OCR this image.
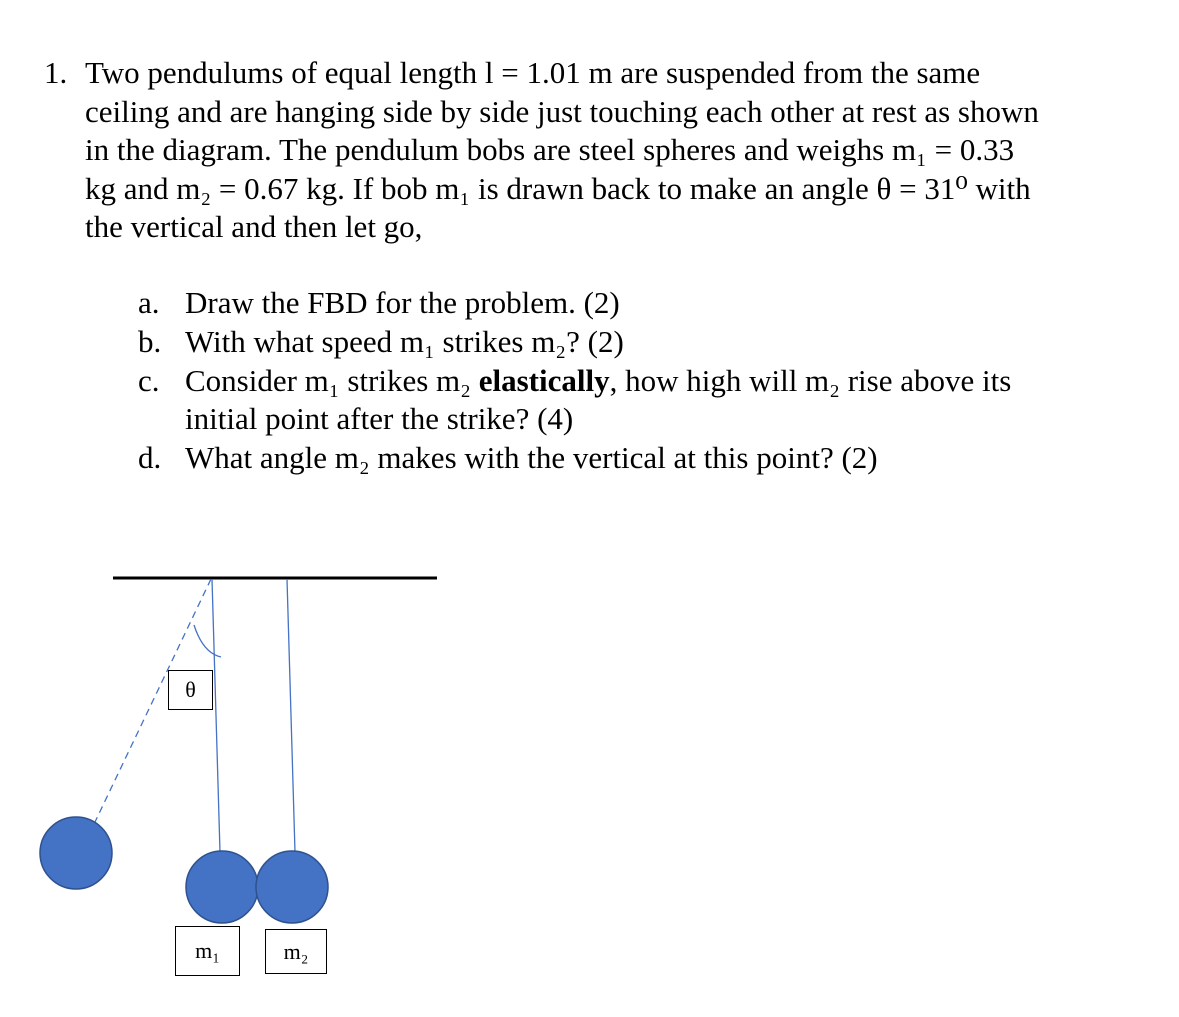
1. Two pendulums of equal length l = 1.01 m are suspended from the same
ceiling and are hanging side by side just touching each other at rest as shown
in the diagram. The pendulum bobs are steel spheres and weighs m₁ = 0.33
kg and m₂ = 0.67 kg. If bob m₁ is drawn back to make an angle θ = 31⁰ with
the vertical and then let go,
a. Draw the FBD for the problem. (2)
b. With what speed m₁ strikes m₂? (2)
c. Consider m₁ strikes m₂ elastically, how high will m₂ rise above its
initial point after the strike? (4)
d. What angle m₂ makes with the vertical at this point? (2)
θ
m₁	m₂
